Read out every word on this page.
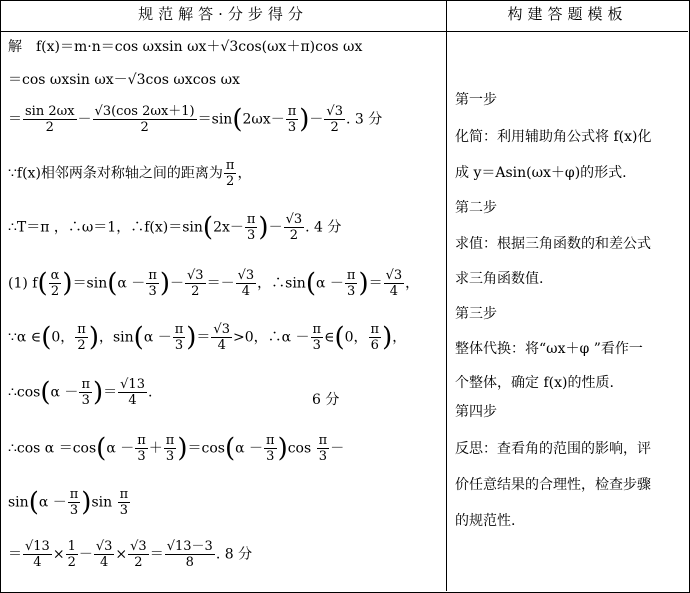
规范解答·分步得分	构建答题模板
解　f(x)＝m·n＝cos ωxsin ωx＋√3cos(ωx＋π)cos ωx
＝cos ωxsin ωx－√3cos ωxcos ωx
＝ $\frac{\sin 2\omega x}{2} - \frac{√3(\cos 2\omega x+1)}{2} =\sin(2\omega x- \frac{\pi}{3}$ )－ $\frac{√3}{2}$ . 3 分
∵f(x)相邻两条对称轴之间的距离为 $\frac{\pi}{2}$ ，
∴T＝π ，∴ω＝1，∴f(x)＝sin(2x－ $\frac{\pi}{3}$ )－ $\frac{√3}{2}$ . 4 分
(1) $f( \frac{\alpha}{2} )=\sin(\alpha - \frac{\pi}{3}$ )－ $\frac{√3}{2} =- \frac{√3}{4}$ ，∴sin(α － $\frac{\pi}{3}$ )＝ $\frac{√3}{4}$ ，
∵α ∈(0， $\frac{\pi}{2}$ )，$\sin(\alpha - \frac{\pi}{3}$ )＝ $\frac{√3}{4} >0$，∴α － $\frac{\pi}{3}$ ∈(0， $\frac{\pi}{6}$ )，
∴cos(α － $\frac{\pi}{3}$ )＝ $\frac{√13}{4}$ .	6 分
∴cos $\alpha =\cos(\alpha - \frac{\pi}{3} + \frac{\pi}{3} )=\cos(\alpha - \frac{\pi}{3} )\cos \frac{\pi}{3}$ －
$\sin(\alpha - \frac{\pi}{3} )\sin \frac{\pi}{3}$
＝ $\frac{√13}{4} \times \frac{1}{2} - \frac{√3}{4} \times \frac{√3}{2} = \frac{√13-3}{8}$ . 8 分
第一步
化简：利用辅助角公式将 f(x)化
成 y＝Asin(ωx＋φ)的形式.
第二步
求值：根据三角函数的和差公式
求三角函数值.
第三步
整体代换：将“ωx＋φ ”看作一
个整体，确定 f(x)的性质.
第四步
反思：查看角的范围的影响，评
价任意结果的合理性，检查步骤
的规范性.
